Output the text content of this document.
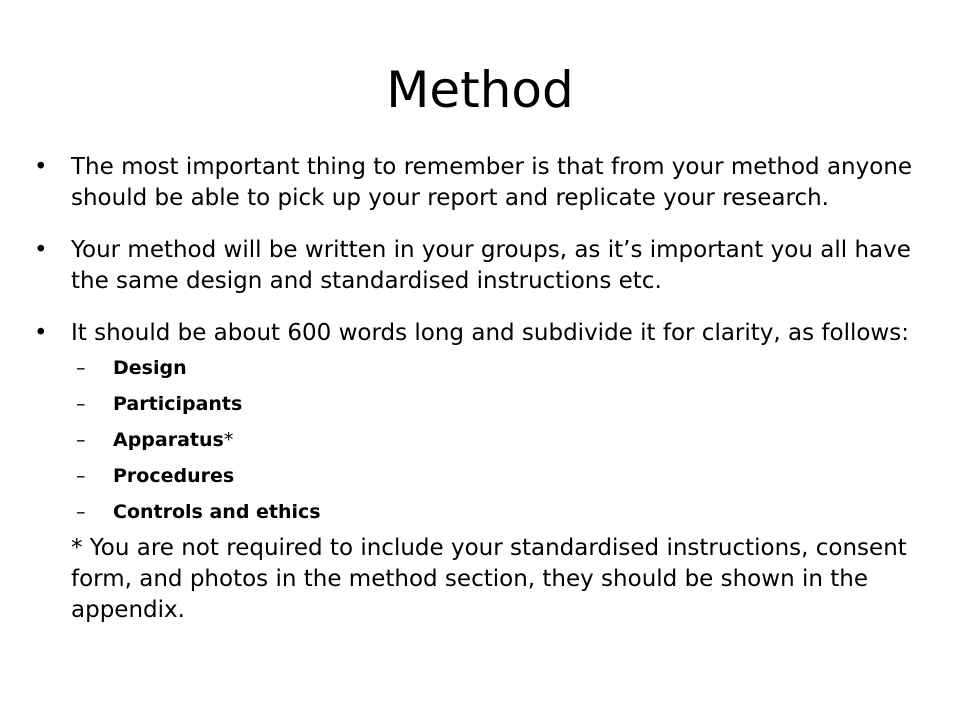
Method
• The most important thing to remember is that from your method anyone should be able to pick up your report and replicate your research.
• Your method will be written in your groups, as it’s important you all have the same design and standardised instructions etc.
• It should be about 600 words long and subdivide it for clarity, as follows:
– Design
– Participants
– Apparatus*
– Procedures
– Controls and ethics
* You are not required to include your standardised instructions, consent form, and photos in the method section, they should be shown in the appendix.
